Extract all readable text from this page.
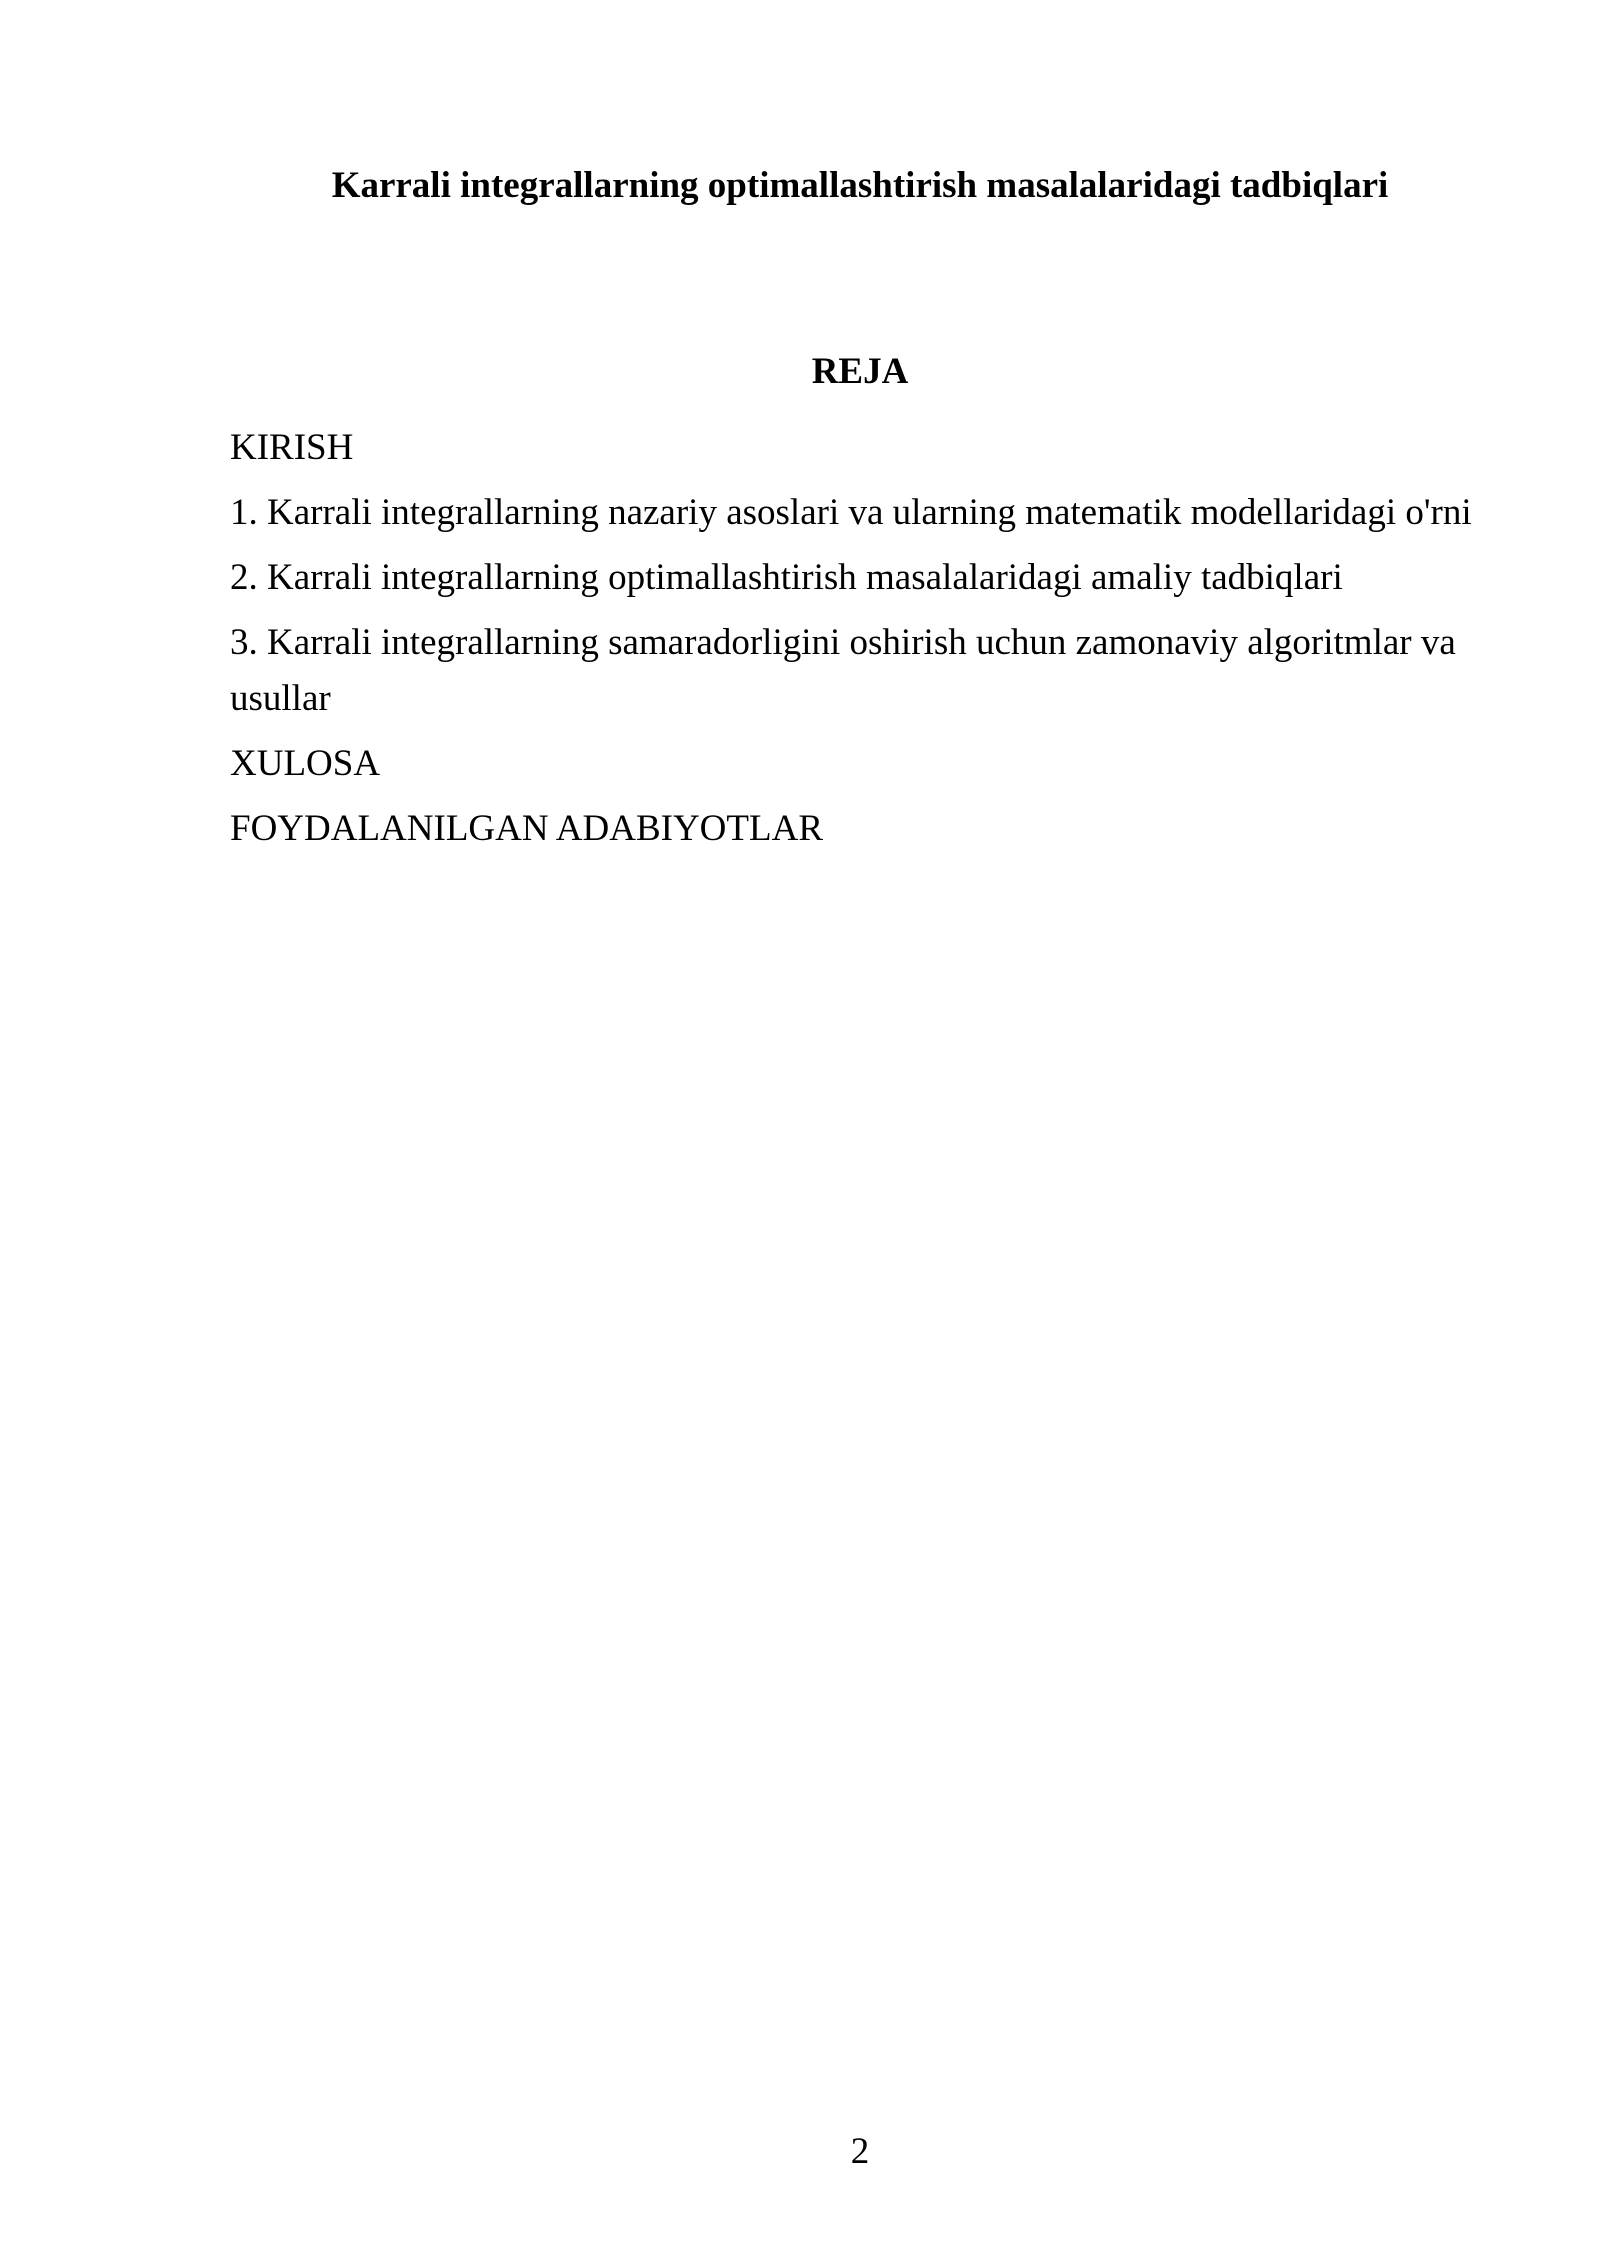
Karrali integrallarning optimallashtirish masalalaridagi tadbiqlari
REJA

KIRISH

1. Karrali integrallarning nazariy asoslari va ularning matematik modellaridagi o'rni

2. Karrali integrallarning optimallashtirish masalalaridagi amaliy tadbiqlari

3. Karrali integrallarning samaradorligini oshirish uchun zamonaviy algoritmlar va usullar

XULOSA

FOYDALANILGAN ADABIYOTLAR

2
